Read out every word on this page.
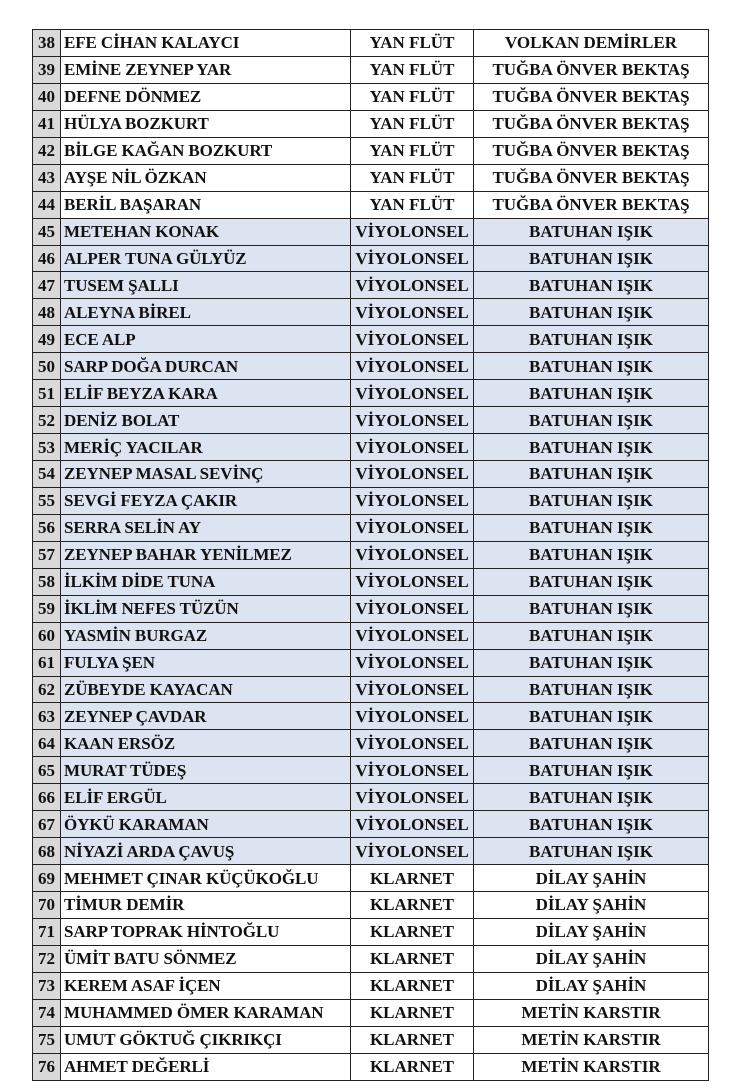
38	EFE CİHAN KALAYCI	YAN FLÜT	VOLKAN DEMİRLER
39	EMİNE ZEYNEP YAR	YAN FLÜT	TUĞBA ÖNVER BEKTAŞ
40	DEFNE DÖNMEZ	YAN FLÜT	TUĞBA ÖNVER BEKTAŞ
41	HÜLYA BOZKURT	YAN FLÜT	TUĞBA ÖNVER BEKTAŞ
42	BİLGE KAĞAN BOZKURT	YAN FLÜT	TUĞBA ÖNVER BEKTAŞ
43	AYŞE NİL ÖZKAN	YAN FLÜT	TUĞBA ÖNVER BEKTAŞ
44	BERİL BAŞARAN	YAN FLÜT	TUĞBA ÖNVER BEKTAŞ
45	METEHAN KONAK	VİYOLONSEL	BATUHAN IŞIK
46	ALPER TUNA GÜLYÜZ	VİYOLONSEL	BATUHAN IŞIK
47	TUSEM ŞALLI	VİYOLONSEL	BATUHAN IŞIK
48	ALEYNA BİREL	VİYOLONSEL	BATUHAN IŞIK
49	ECE ALP	VİYOLONSEL	BATUHAN IŞIK
50	SARP DOĞA DURCAN	VİYOLONSEL	BATUHAN IŞIK
51	ELİF BEYZA KARA	VİYOLONSEL	BATUHAN IŞIK
52	DENİZ BOLAT	VİYOLONSEL	BATUHAN IŞIK
53	MERİÇ YACILAR	VİYOLONSEL	BATUHAN IŞIK
54	ZEYNEP MASAL SEVİNÇ	VİYOLONSEL	BATUHAN IŞIK
55	SEVGİ FEYZA ÇAKIR	VİYOLONSEL	BATUHAN IŞIK
56	SERRA SELİN AY	VİYOLONSEL	BATUHAN IŞIK
57	ZEYNEP BAHAR YENİLMEZ	VİYOLONSEL	BATUHAN IŞIK
58	İLKİM DİDE TUNA	VİYOLONSEL	BATUHAN IŞIK
59	İKLİM NEFES TÜZÜN	VİYOLONSEL	BATUHAN IŞIK
60	YASMİN BURGAZ	VİYOLONSEL	BATUHAN IŞIK
61	FULYA ŞEN	VİYOLONSEL	BATUHAN IŞIK
62	ZÜBEYDE KAYACAN	VİYOLONSEL	BATUHAN IŞIK
63	ZEYNEP ÇAVDAR	VİYOLONSEL	BATUHAN IŞIK
64	KAAN ERSÖZ	VİYOLONSEL	BATUHAN IŞIK
65	MURAT TÜDEŞ	VİYOLONSEL	BATUHAN IŞIK
66	ELİF ERGÜL	VİYOLONSEL	BATUHAN IŞIK
67	ÖYKÜ KARAMAN	VİYOLONSEL	BATUHAN IŞIK
68	NİYAZİ ARDA ÇAVUŞ	VİYOLONSEL	BATUHAN IŞIK
69	MEHMET ÇINAR KÜÇÜKOĞLU	KLARNET	DİLAY ŞAHİN
70	TİMUR DEMİR	KLARNET	DİLAY ŞAHİN
71	SARP TOPRAK HİNTOĞLU	KLARNET	DİLAY ŞAHİN
72	ÜMİT BATU SÖNMEZ	KLARNET	DİLAY ŞAHİN
73	KEREM ASAF İÇEN	KLARNET	DİLAY ŞAHİN
74	MUHAMMED ÖMER KARAMAN	KLARNET	METİN KARSTIR
75	UMUT GÖKTUĞ ÇIKRIKÇI	KLARNET	METİN KARSTIR
76	AHMET DEĞERLİ	KLARNET	METİN KARSTIR
